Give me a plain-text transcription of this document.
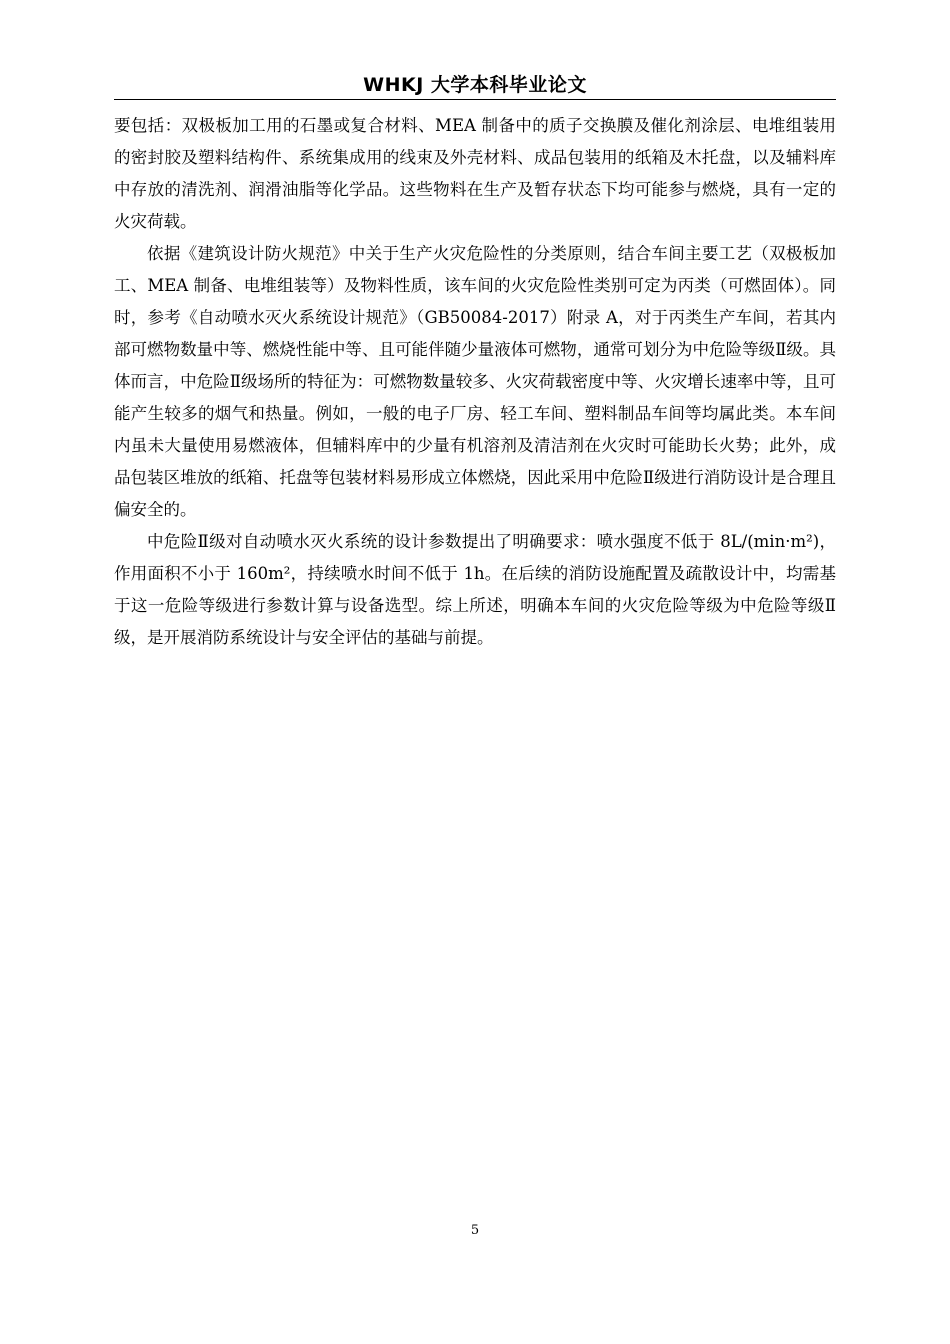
WHKJ 大学本科毕业论文

要包括：双极板加工用的石墨或复合材料、MEA 制备中的质子交换膜及催化剂涂层、电堆组装用的密封胶及塑料结构件、系统集成用的线束及外壳材料、成品包装用的纸箱及木托盘，以及辅料库中存放的清洗剂、润滑油脂等化学品。这些物料在生产及暂存状态下均可能参与燃烧，具有一定的火灾荷载。

依据《建筑设计防火规范》中关于生产火灾危险性的分类原则，结合车间主要工艺（双极板加工、MEA 制备、电堆组装等）及物料性质，该车间的火灾危险性类别可定为丙类（可燃固体）。同时，参考《自动喷水灭火系统设计规范》（GB50084-2017）附录 A，对于丙类生产车间，若其内部可燃物数量中等、燃烧性能中等、且可能伴随少量液体可燃物，通常可划分为中危险等级Ⅱ级。具体而言，中危险Ⅱ级场所的特征为：可燃物数量较多、火灾荷载密度中等、火灾增长速率中等，且可能产生较多的烟气和热量。例如，一般的电子厂房、轻工车间、塑料制品车间等均属此类。本车间内虽未大量使用易燃液体，但辅料库中的少量有机溶剂及清洁剂在火灾时可能助长火势；此外，成品包装区堆放的纸箱、托盘等包装材料易形成立体燃烧，因此采用中危险Ⅱ级进行消防设计是合理且偏安全的。

中危险Ⅱ级对自动喷水灭火系统的设计参数提出了明确要求：喷水强度不低于 8L/(min·m²)，作用面积不小于 160m²，持续喷水时间不低于 1h。在后续的消防设施配置及疏散设计中，均需基于这一危险等级进行参数计算与设备选型。综上所述，明确本车间的火灾危险等级为中危险等级Ⅱ级，是开展消防系统设计与安全评估的基础与前提。

5
